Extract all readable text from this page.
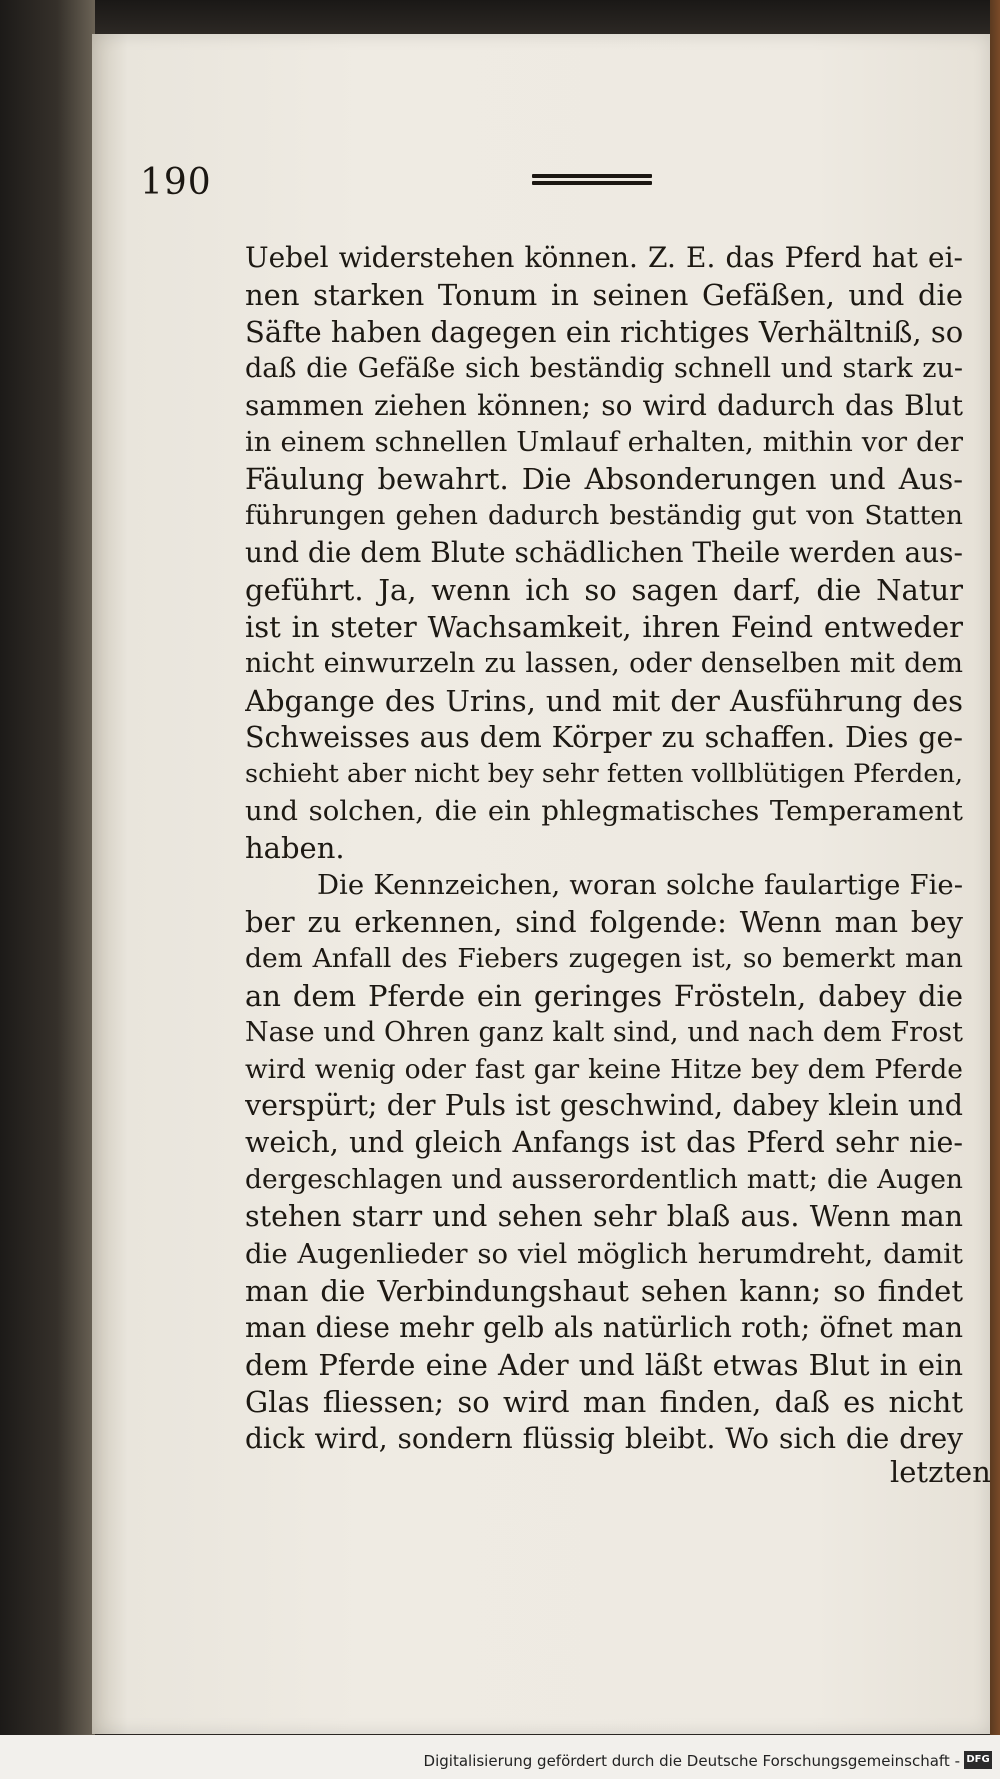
190
Uebel widerstehen können. Z. E. das Pferd hat ei-
nen starken Tonum in seinen Gefäßen, und die
Säfte haben dagegen ein richtiges Verhältniß, so
daß die Gefäße sich beständig schnell und stark zu-
sammen ziehen können; so wird dadurch das Blut
in einem schnellen Umlauf erhalten, mithin vor der
Fäulung bewahrt. Die Absonderungen und Aus-
führungen gehen dadurch beständig gut von Statten
und die dem Blute schädlichen Theile werden aus-
geführt. Ja, wenn ich so sagen darf, die Natur
ist in steter Wachsamkeit, ihren Feind entweder
nicht einwurzeln zu lassen, oder denselben mit dem
Abgange des Urins, und mit der Ausführung des
Schweisses aus dem Körper zu schaffen. Dies ge-
schieht aber nicht bey sehr fetten vollblütigen Pferden,
und solchen, die ein phlegmatisches Temperament
haben.
Die Kennzeichen, woran solche faulartige Fie-
ber zu erkennen, sind folgende: Wenn man bey
dem Anfall des Fiebers zugegen ist, so bemerkt man
an dem Pferde ein geringes Frösteln, dabey die
Nase und Ohren ganz kalt sind, und nach dem Frost
wird wenig oder fast gar keine Hitze bey dem Pferde
verspürt; der Puls ist geschwind, dabey klein und
weich, und gleich Anfangs ist das Pferd sehr nie-
dergeschlagen und ausserordentlich matt; die Augen
stehen starr und sehen sehr blaß aus. Wenn man
die Augenlieder so viel möglich herumdreht, damit
man die Verbindungshaut sehen kann; so findet
man diese mehr gelb als natürlich roth; öfnet man
dem Pferde eine Ader und läßt etwas Blut in ein
Glas fliessen; so wird man finden, daß es nicht
dick wird, sondern flüssig bleibt. Wo sich die drey
letzten
Digitalisierung gefördert durch die Deutsche Forschungsgemeinschaft - DFG
